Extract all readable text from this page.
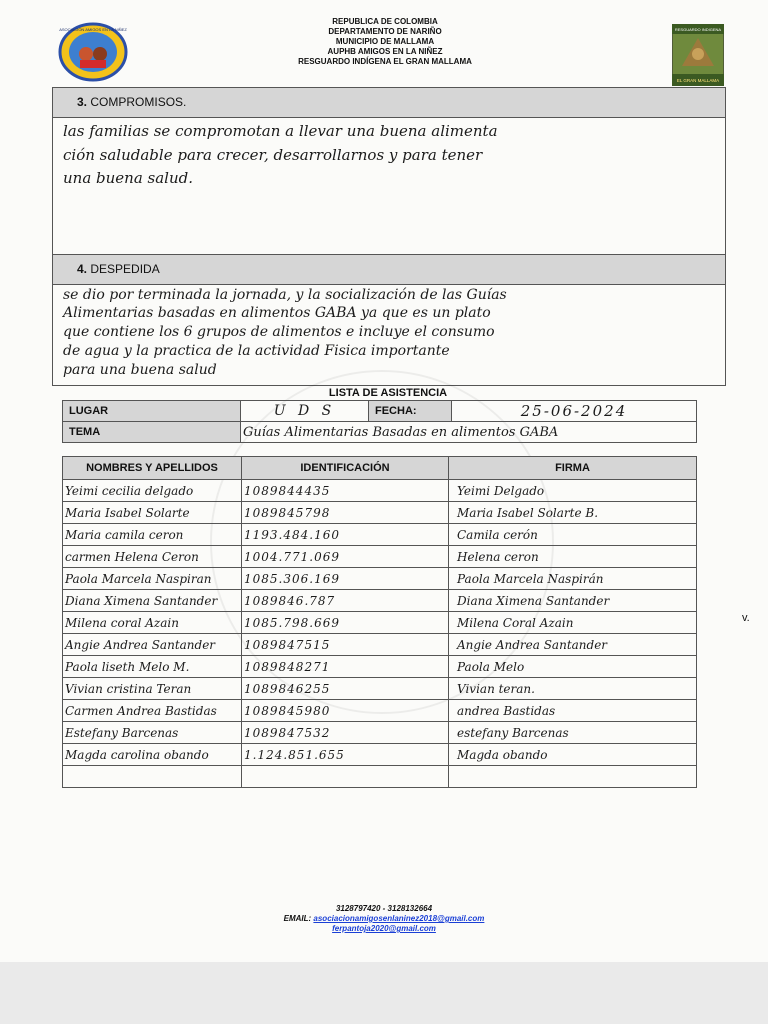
ASOCIACIÓN AMIGOS EN LA NIÑEZ
REPUBLICA DE COLOMBIA
DEPARTAMENTO DE NARIÑO
MUNICIPIO DE MALLAMA
AUPHB AMIGOS EN LA NIÑEZ
RESGUARDO INDÍGENA EL GRAN MALLAMA
RESGUARDO INDIGENA
EL GRAN MALLAMA
3. COMPROMISOS.
las familias se compromotan a llevar una buena alimenta
ción saludable para crecer, desarrollarnos y para tener
una buena salud.
4. DESPEDIDA
se dio por terminada la jornada, y la socialización de las Guías
Alimentarias basadas en alimentos GABA ya que es un plato
que contiene los 6 grupos de alimentos e incluye el consumo
de agua y la practica de la actividad Fisica importante
para una buena salud
LISTA DE ASISTENCIA
LUGAR	U D S	FECHA:	25-06-2024
TEMA	Guías Alimentarias Basadas en alimentos GABA		
NOMBRES Y APELLIDOS	IDENTIFICACIÓN	FIRMA
Yeimi cecilia delgado	1089844435	Yeimi Delgado
Maria Isabel Solarte	1089845798	Maria Isabel Solarte B.
Maria camila ceron	1193.484.160	Camila cerón
carmen Helena Ceron	1004.771.069	Helena ceron
Paola Marcela Naspiran	1085.306.169	Paola Marcela Naspirán
Diana Ximena Santander	1089846.787	Diana Ximena Santander
Milena coral Azain	1085.798.669	Milena Coral Azain
Angie Andrea Santander	1089847515	Angie Andrea Santander
Paola liseth Melo M.	1089848271	Paola Melo
Vivian cristina Teran	1089846255	Vivian teran.
Carmen Andrea Bastidas	1089845980	andrea Bastidas
Estefany Barcenas	1089847532	estefany Barcenas
Magda carolina obando	1.124.851.655	Magda obando

v.
3128797420 - 3128132664
EMAIL: asociacionamigosenlaninez2018@gmail.com
ferpantoja2020@gmail.com
